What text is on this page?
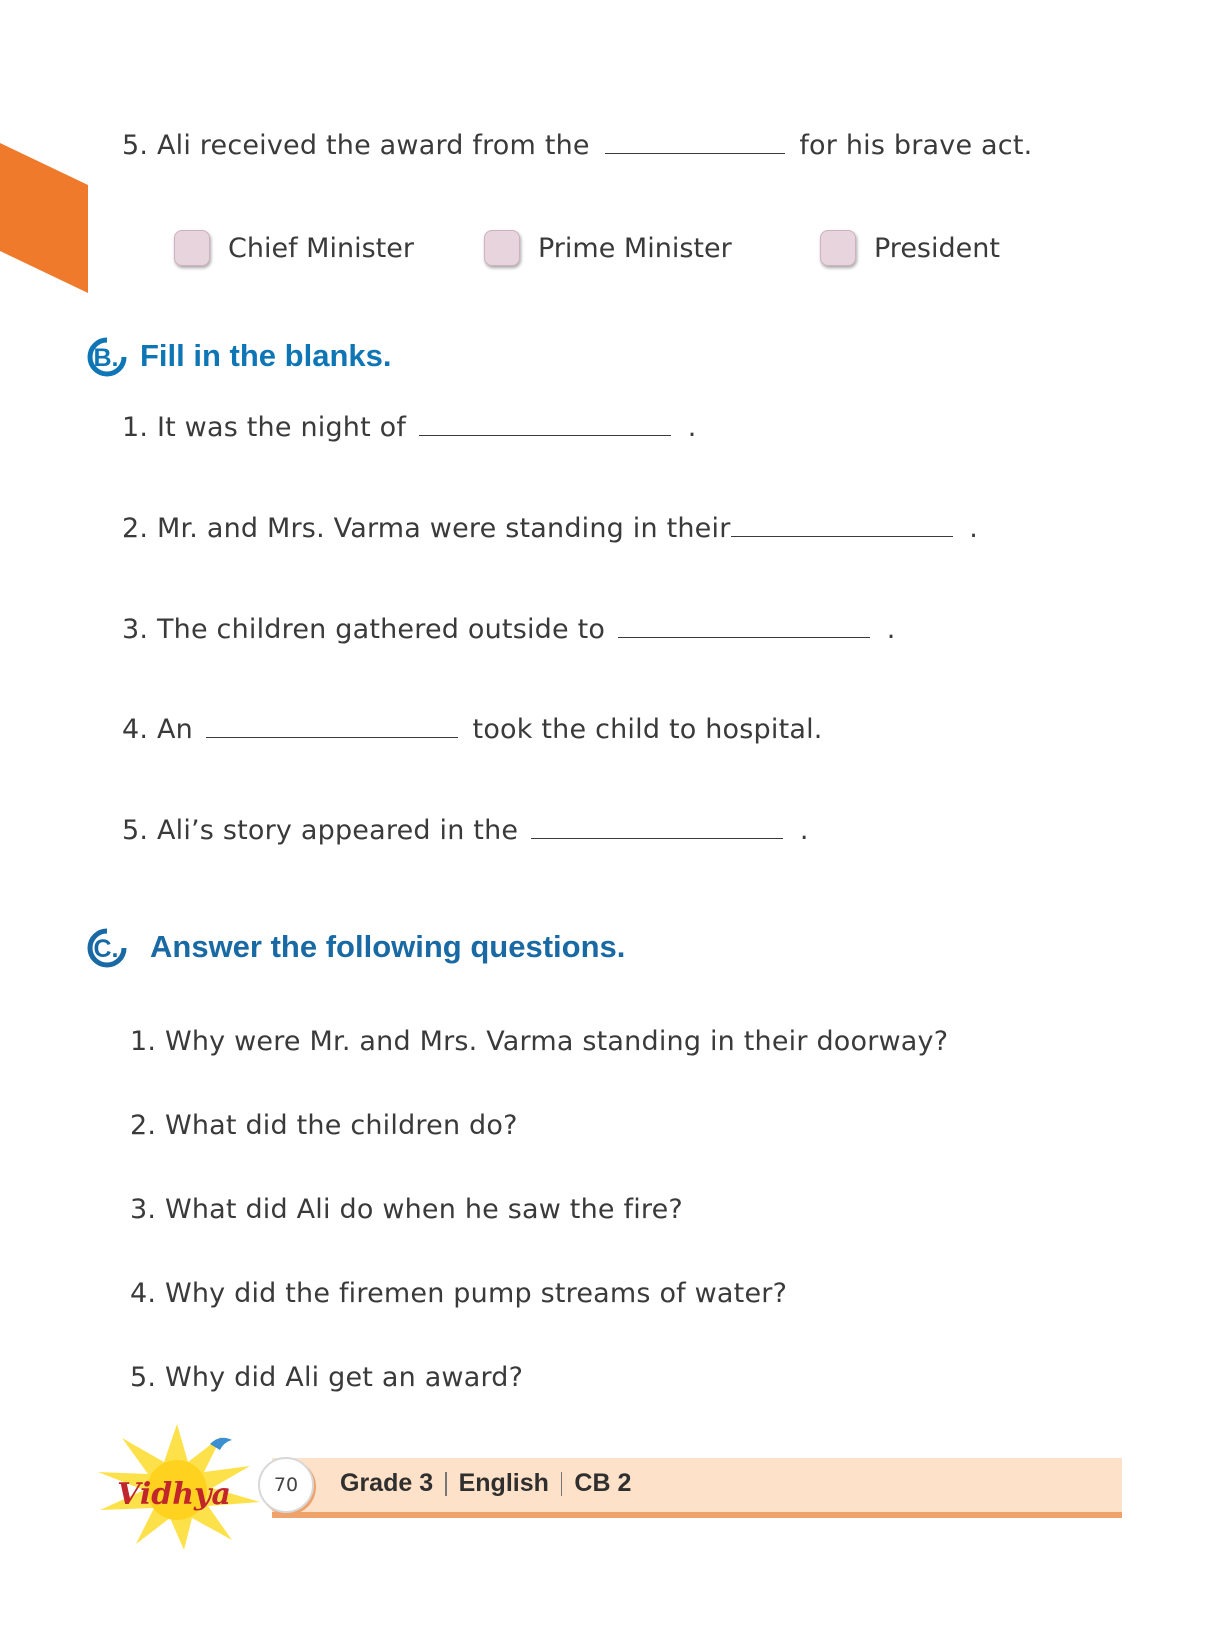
5. Ali received the award from the	for his brave act.
Chief Minister	Prime Minister	President
B. Fill in the blanks.
1. It was the night of	.
2. Mr. and Mrs. Varma were standing in their	.
3. The children gathered outside to	.
4. An	took the child to hospital.
5. Ali’s story appeared in the	.
C. Answer the following questions.
1. Why were Mr. and Mrs. Varma standing in their doorway?
2. What did the children do?
3. What did Ali do when he saw the fire?
4. Why did the firemen pump streams of water?
5. Why did Ali get an award?
Vidhya 70 Grade 3 English CB 2
